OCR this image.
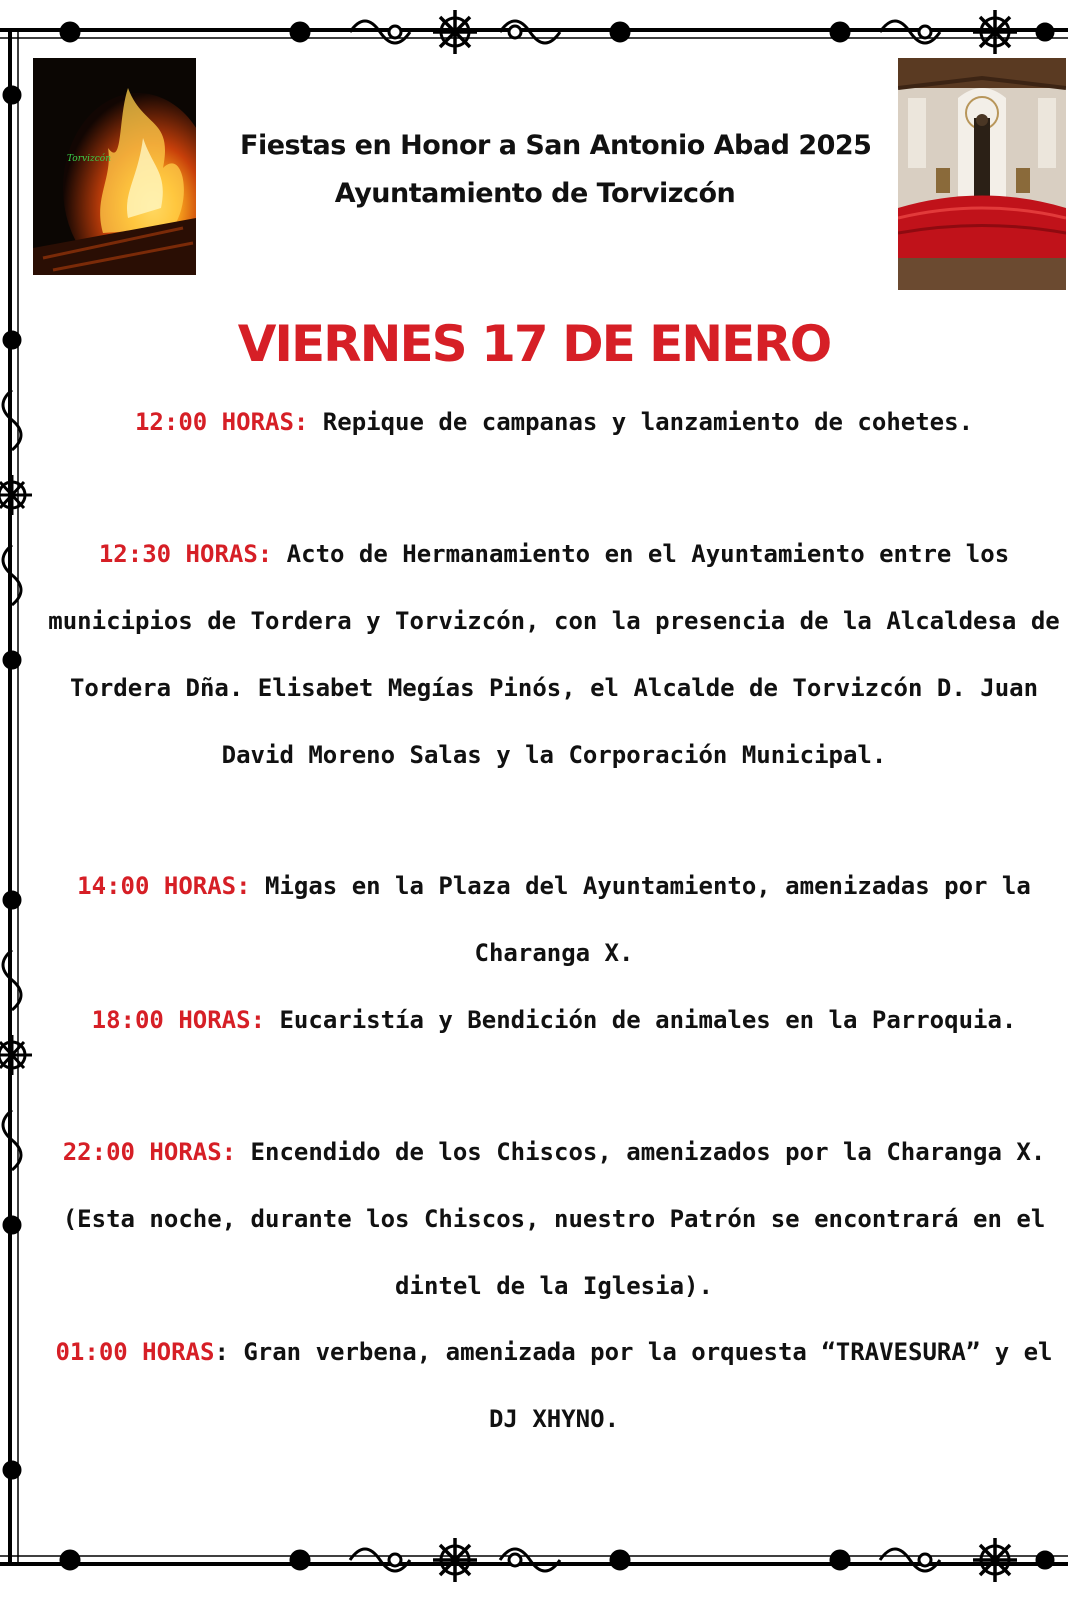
Torvizcón	Fiestas en Honor a San Antonio Abad 2025
Ayuntamiento de Torvizcón
VIERNES 17 DE ENERO
12:00 HORAS: Repique de campanas y lanzamiento de cohetes.
12:30 HORAS: Acto de Hermanamiento en el Ayuntamiento entre los municipios de Tordera y Torvizcón, con la presencia de la Alcaldesa de Tordera Dña. Elisabet Megías Pinós, el Alcalde de Torvizcón D. Juan David Moreno Salas y la Corporación Municipal.
14:00 HORAS: Migas en la Plaza del Ayuntamiento, amenizadas por la Charanga X.
18:00 HORAS: Eucaristía y Bendición de animales en la Parroquia.
22:00 HORAS: Encendido de los Chiscos, amenizados por la Charanga X. (Esta noche, durante los Chiscos, nuestro Patrón se encontrará en el dintel de la Iglesia).
01:00 HORAS: Gran verbena, amenizada por la orquesta “TRAVESURA” y el DJ XHYNO.
